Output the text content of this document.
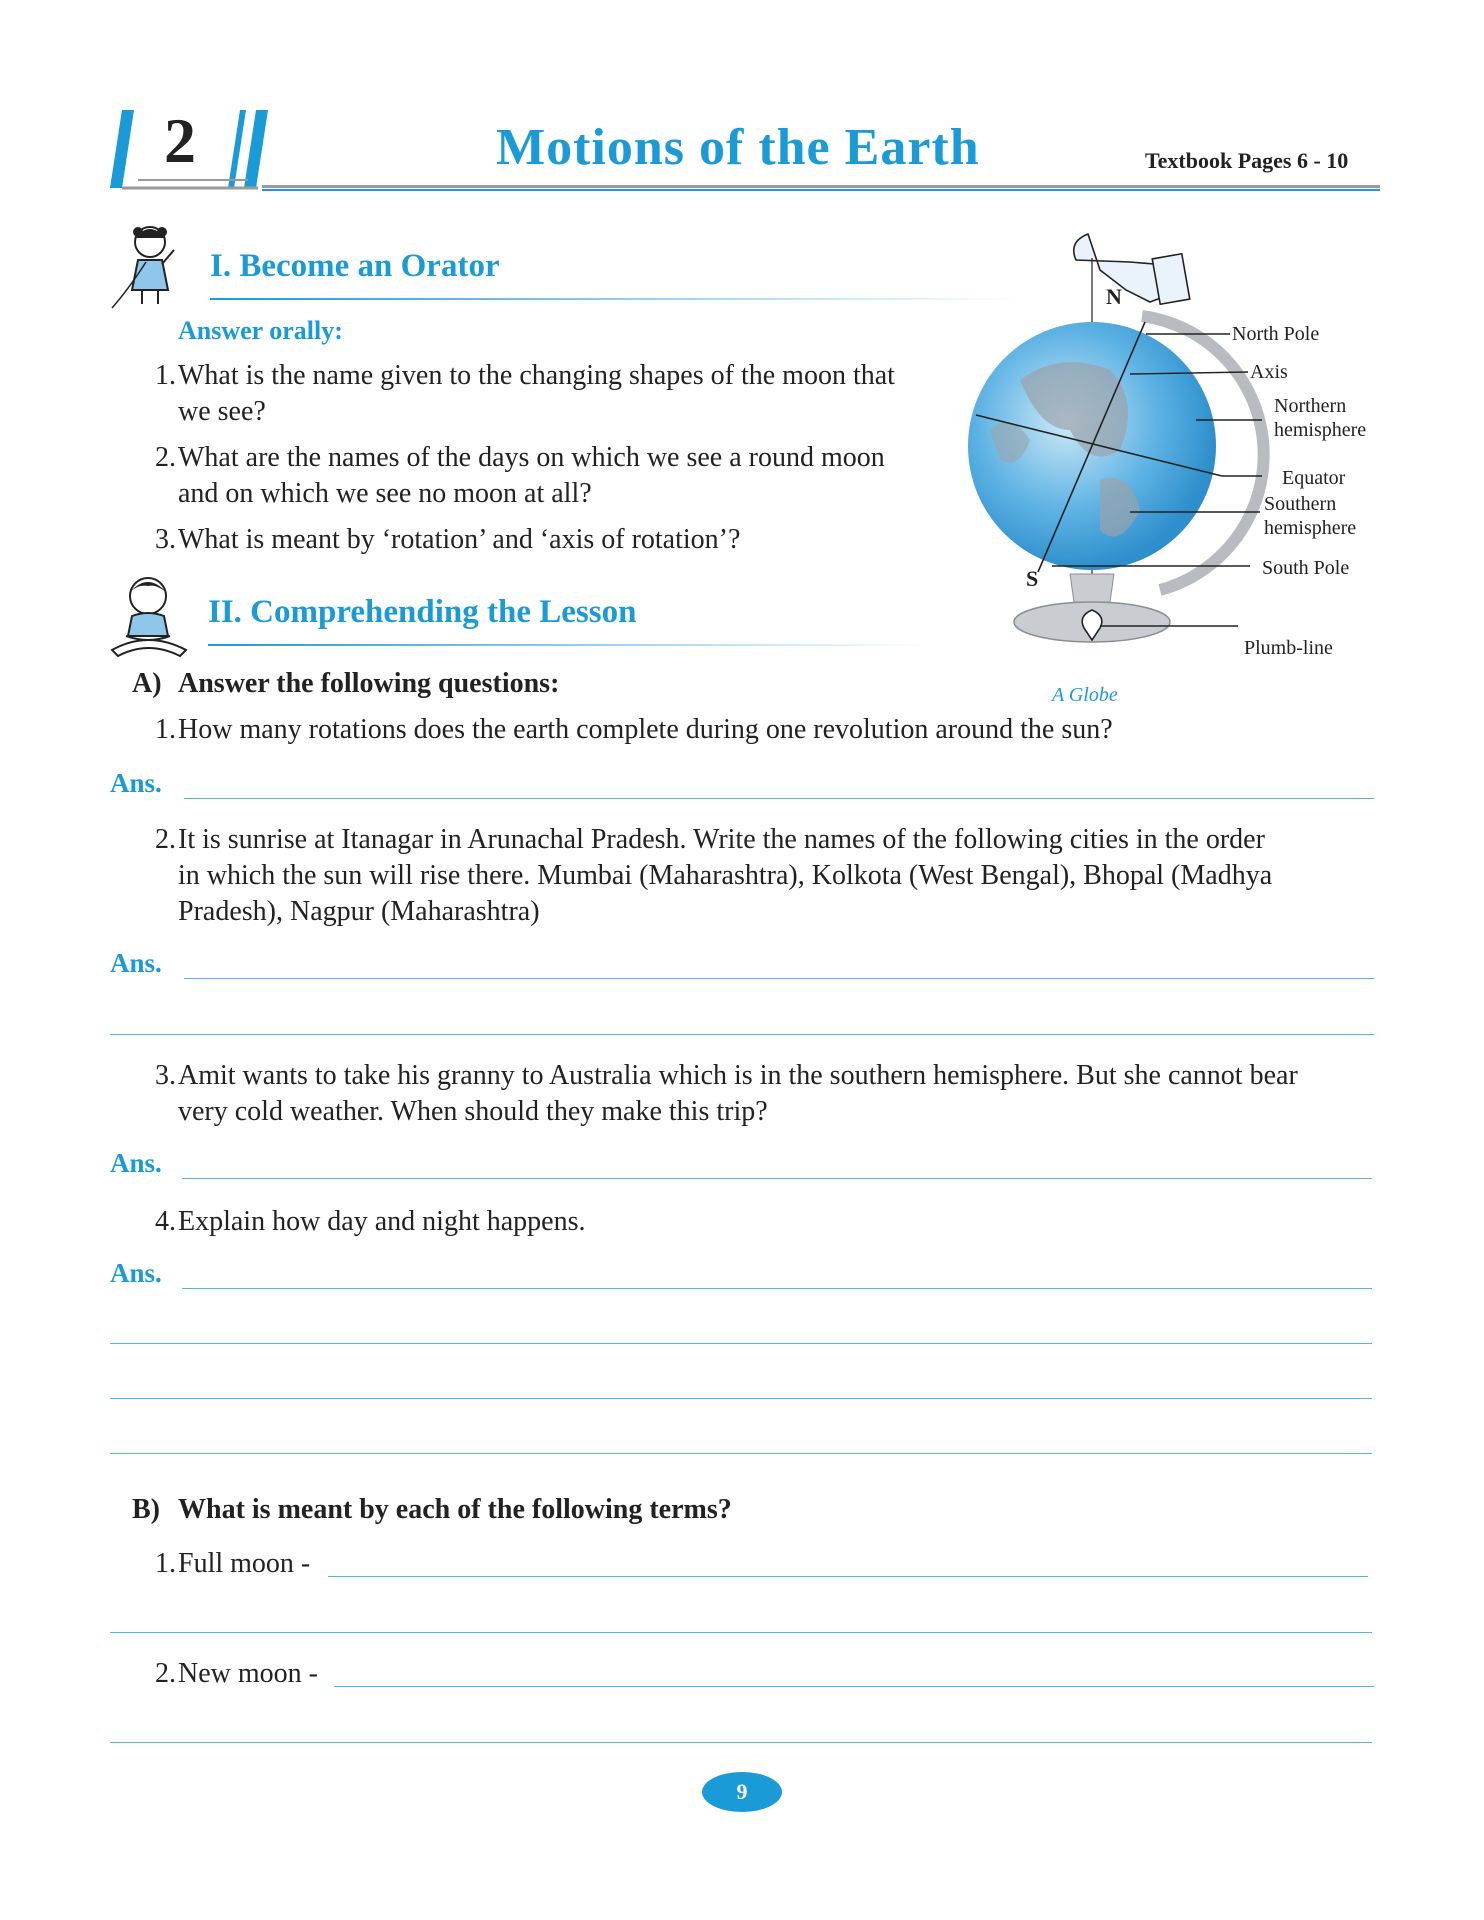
2	Motions of the Earth	Textbook Pages 6 - 10
I. Become an Orator
Answer orally:
1. What is the name given to the changing shapes of the moon that
we see?
2. What are the names of the days on which we see a round moon
and on which we see no moon at all?
3. What is meant by ‘rotation’ and ‘axis of rotation’?
N
S
North Pole
Axis
Northern
hemisphere
Equator
Southern
hemisphere
South Pole
Plumb-line
A Globe
II. Comprehending the Lesson
A) Answer the following questions:
1. How many rotations does the earth complete during one revolution around the sun?
Ans.
2. It is sunrise at Itanagar in Arunachal Pradesh. Write the names of the following cities in the order
in which the sun will rise there. Mumbai (Maharashtra), Kolkota (West Bengal), Bhopal (Madhya
Pradesh), Nagpur (Maharashtra)
Ans.
3. Amit wants to take his granny to Australia which is in the southern hemisphere. But she cannot bear
very cold weather. When should they make this trip?
Ans.
4. Explain how day and night happens.
Ans.
B) What is meant by each of the following terms?
1. Full moon -
2. New moon -
9
